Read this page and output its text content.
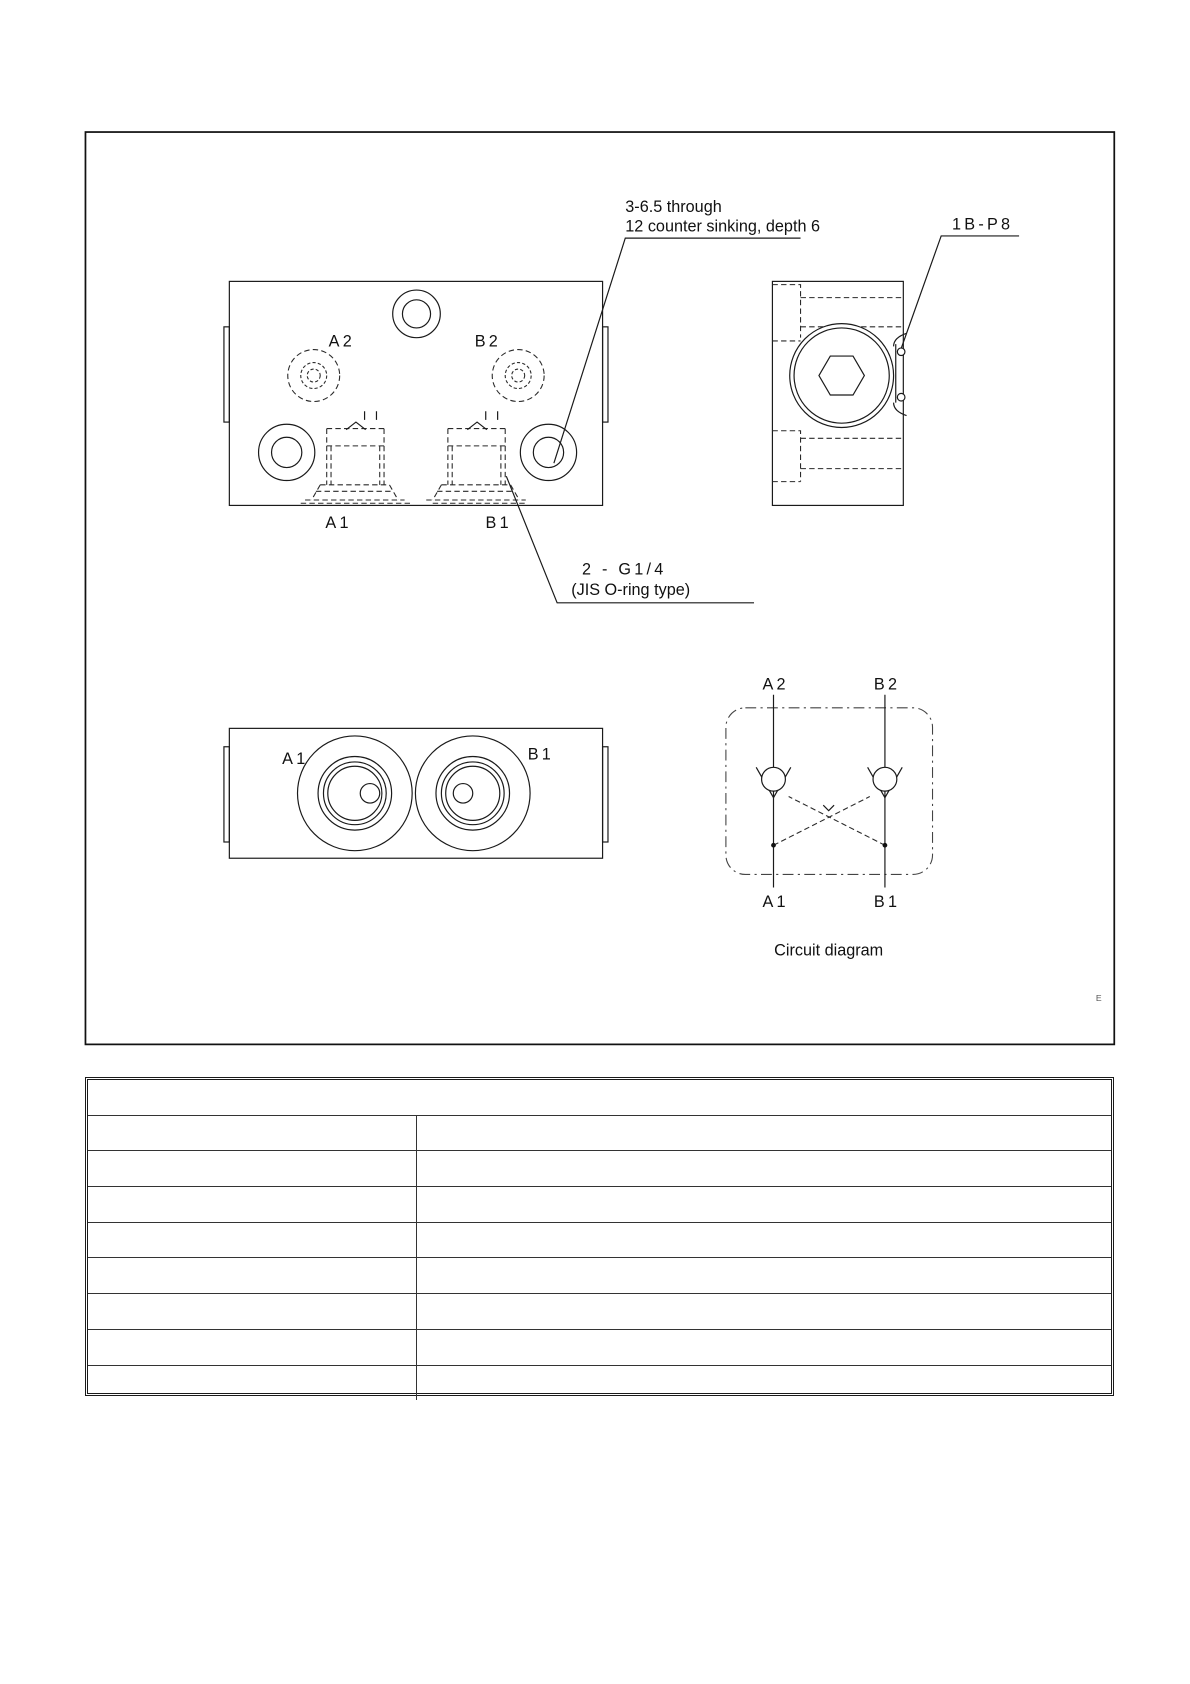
A2	B2
A1	B1
3-6.5 through
12 counter sinking, depth 6
2 - G1/4
(JIS O-ring type)
1B-P8
A1	B1
A2	B2
A1	B1
Circuit diagram
E
